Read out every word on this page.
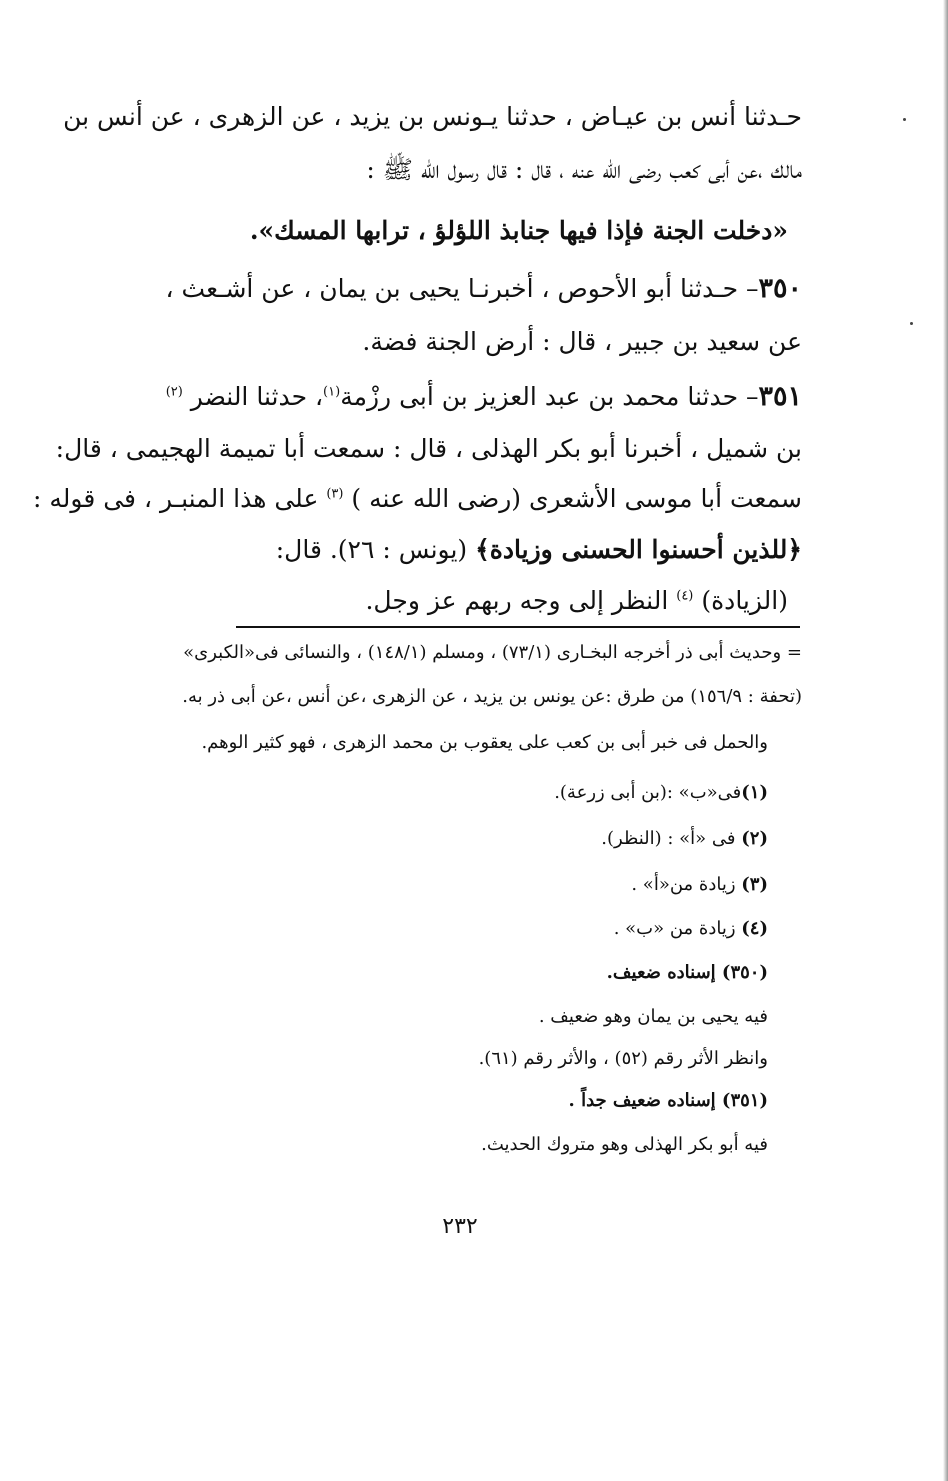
حـدثنا أنس بن عيـاض ، حدثنا يـونس بن يزيد ، عن الزهرى ، عن أنس بن
مالك ،عن أبى كعب رضى الله عنه ، قال : قال رسول الله ﷺ :
«دخلت الجنة فإذا فيها جنابذ اللؤلؤ ، ترابها المسك».
٣٥٠– حـدثنا أبو الأحوص ، أخبرنـا يحيى بن يمان ، عن أشـعث ،
عن سعيد بن جبير ، قال : أرض الجنة فضة.
٣٥١– حدثنا محمد بن عبد العزيز بن أبى رزْمة$^{(١)}$، حدثنا النضر $^{(٢)}$
بن شميل ، أخبرنا أبو بكر الهذلى ، قال : سمعت أبا تميمة الهجيمى ، قال:
سمعت أبا موسى الأشعرى (رضى الله عنه ) $^{(٣)}$ على هذا المنبـر ، فى قوله :
﴿للذين أحسنوا الحسنى وزيادة﴾ (يونس : ٢٦). قال:
(الزيادة) $^{(٤)}$ النظر إلى وجه ربهم عز وجل.
= وحديث أبى ذر أخرجه البخـارى (٧٣/١) ، ومسلم (١٤٨/١) ، والنسائى فى«الكبرى»
(تحفة : ١٥٦/٩) من طرق :عن يونس بن يزيد ، عن الزهرى ،عن أنس ،عن أبى ذر به.
والحمل فى خبر أبى بن كعب على يعقوب بن محمد الزهرى ، فهو كثير الوهم.
(١)فى«ب» :(بن أبى زرعة).
(٢) فى «أ» : (النظر).
(٣) زيادة من«أ» .
(٤) زيادة من «ب» .
(٣٥٠) إسناده ضعيف.
فيه يحيى بن يمان وهو ضعيف .
وانظر الأثر رقم (٥٢) ، والأثر رقم (٦١).
(٣٥١) إسناده ضعيف جداً .
فيه أبو بكر الهذلى وهو متروك الحديث.
٢٣٢
